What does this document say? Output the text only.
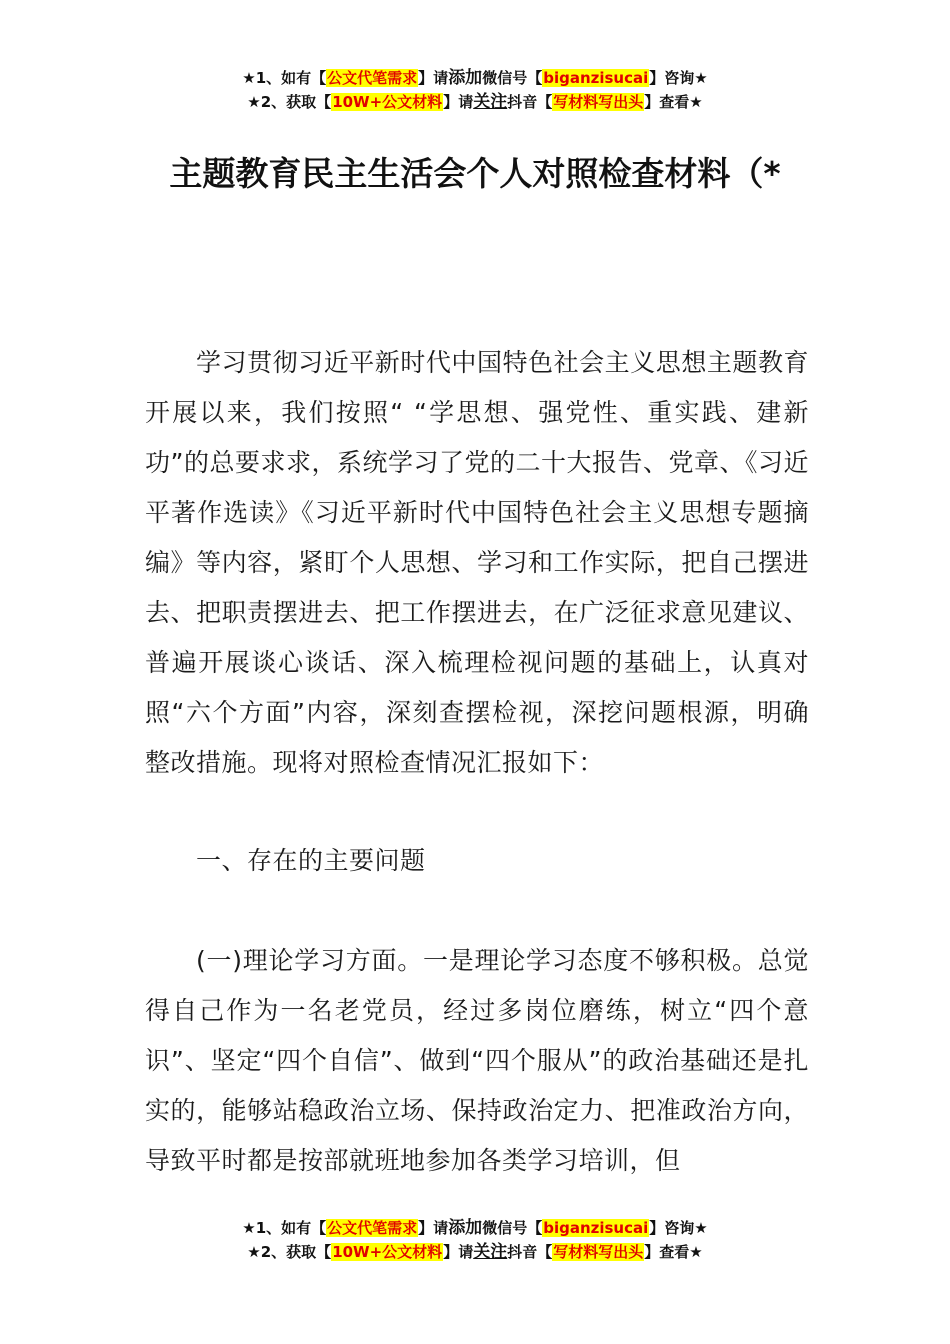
★1、如有【公文代笔需求】请添加微信号【biganzisucai】咨询★
★2、获取【10W+公文材料】请关注抖音【写材料写出头】查看★
主题教育民主生活会个人对照检查材料（*

学习贯彻习近平新时代中国特色社会主义思想主题教育开展以来，我们按照“ “学思想、强党性、重实践、建新功”的总要求求，系统学习了党的二十大报告、党章、《习近平著作选读》《习近平新时代中国特色社会主义思想专题摘编》等内容，紧盯个人思想、学习和工作实际，把自己摆进去、把职责摆进去、把工作摆进去，在广泛征求意见建议、普遍开展谈心谈话、深入梳理检视问题的基础上，认真对照“六个方面”内容，深刻查摆检视，深挖问题根源，明确整改措施。现将对照检查情况汇报如下：

一、存在的主要问题

(一)理论学习方面。一是理论学习态度不够积极。总觉得自己作为一名老党员，经过多岗位磨练，树立“四个意识”、坚定“四个自信”、做到“四个服从”的政治基础还是扎实的，能够站稳政治立场、保持政治定力、把准政治方向，导致平时都是按部就班地参加各类学习培训，但

★1、如有【公文代笔需求】请添加微信号【biganzisucai】咨询★
★2、获取【10W+公文材料】请关注抖音【写材料写出头】查看★
